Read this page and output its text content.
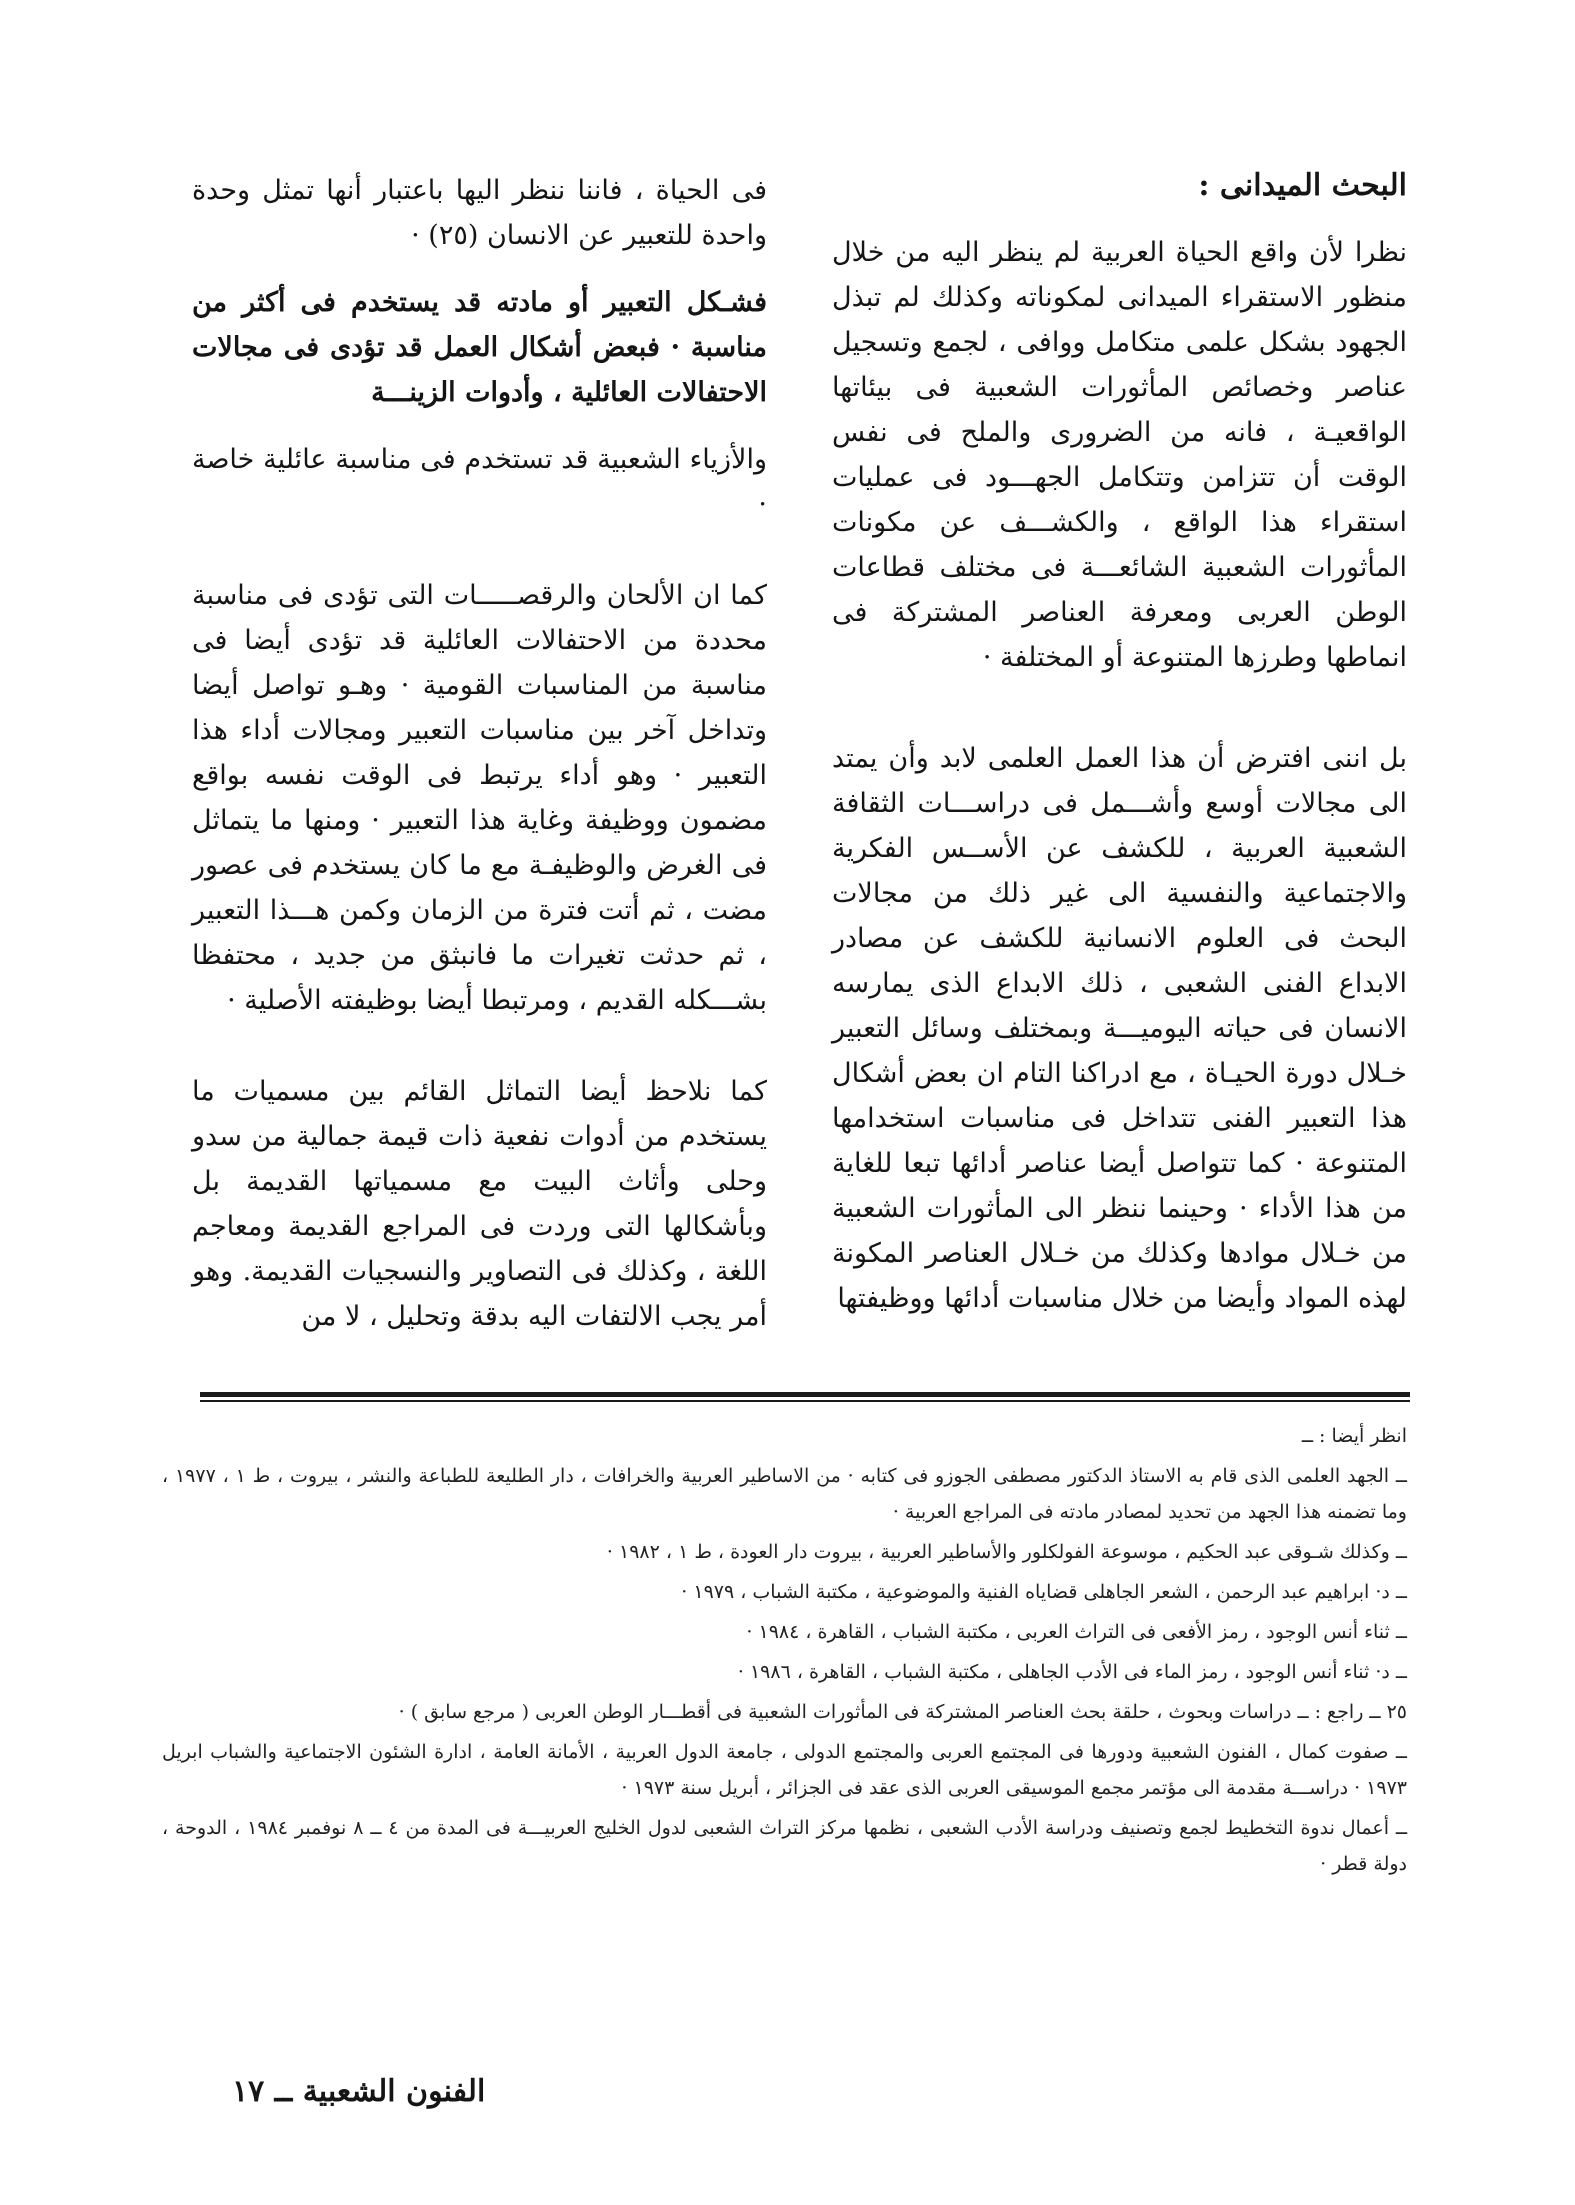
البحث الميدانى :

نظرا لأن واقع الحياة العربية لم ينظر اليه من خلال منظور الاستقراء الميدانى لمكوناته وكذلك لم تبذل الجهود بشكل علمى متكامل ووافى ، لجمع وتسجيل عناصر وخصائص المأثورات الشعبية فى بيئاتها الواقعيـة ، فانه من الضرورى والملح فى نفس الوقت أن تتزامن وتتكامل الجهـــود فى عمليات استقراء هذا الواقع ، والكشـــف عن مكونات المأثورات الشعبية الشائعـــة فى مختلف قطاعات الوطن العربى ومعرفة العناصر المشتركة فى انماطها وطرزها المتنوعة أو المختلفة ·

بل اننى افترض أن هذا العمل العلمى لابد وأن يمتد الى مجالات أوسع وأشـــمل فى دراســـات الثقافة الشعبية العربية ، للكشف عن الأســس الفكرية والاجتماعية والنفسية الى غير ذلك من مجالات البحث فى العلوم الانسانية للكشف عن مصادر الابداع الفنى الشعبى ، ذلك الابداع الذى يمارسه الانسان فى حياته اليوميـــة وبمختلف وسائل التعبير خـلال دورة الحيـاة ، مع ادراكنا التام ان بعض أشكال هذا التعبير الفنى تتداخل فى مناسبات استخدامها المتنوعة · كما تتواصل أيضا عناصر أدائها تبعا للغاية من هذا الأداء · وحينما ننظر الى المأثورات الشعبية من خـلال موادها وكذلك من خـلال العناصر المكونة لهذه المواد وأيضا من خلال مناسبات أدائها ووظيفتها

فى الحياة ، فاننا ننظر اليها باعتبار أنها تمثل وحدة واحدة للتعبير عن الانسان (٢٥) ·

فشـكل التعبير أو مادته قد يستخدم فى أكثر من مناسبة · فبعض أشكال العمل قد تؤدى فى مجالات الاحتفالات العائلية ، وأدوات الزينـــة

والأزياء الشعبية قد تستخدم فى مناسبة عائلية خاصة ·

كما ان الألحان والرقصـــــات التى تؤدى فى مناسبة محددة من الاحتفالات العائلية قد تؤدى أيضا فى مناسبة من المناسبات القومية · وهـو تواصل أيضا وتداخل آخر بين مناسبات التعبير ومجالات أداء هذا التعبير · وهو أداء يرتبط فى الوقت نفسه بواقع مضمون ووظيفة وغاية هذا التعبير · ومنها ما يتماثل فى الغرض والوظيفـة مع ما كان يستخدم فى عصور مضت ، ثم أتت فترة من الزمان وكمن هـــذا التعبير ، ثم حدثت تغيرات ما فانبثق من جديد ، محتفظا بشـــكله القديم ، ومرتبطا أيضا بوظيفته الأصلية ·

كما نلاحظ أيضا التماثل القائم بين مسميات ما يستخدم من أدوات نفعية ذات قيمة جمالية من سدو وحلى وأثاث البيت مع مسمياتها القديمة بل وبأشكالها التى وردت فى المراجع القديمة ومعاجم اللغة ، وكذلك فى التصاوير والنسجيات القديمة. وهو أمر يجب الالتفات اليه بدقة وتحليل ، لا من

انظر أيضا : ــ

ــ الجهد العلمى الذى قام به الاستاذ الدكتور مصطفى الجوزو فى كتابه · من الاساطير العربية والخرافات ، دار الطليعة للطباعة والنشر ، بيروت ، ط ١ ، ١٩٧٧ ، وما تضمنه هذا الجهد من تحديد لمصادر مادته فى المراجع العربية ·

ــ وكذلك شـوقى عبد الحكيم ، موسوعة الفولكلور والأساطير العربية ، بيروت دار العودة ، ط ١ ، ١٩٨٢ ·

ــ د· ابراهيم عبد الرحمن ، الشعر الجاهلى قضاياه الفنية والموضوعية ، مكتبة الشباب ، ١٩٧٩ ·

ــ ثناء أنس الوجود ، رمز الأفعى فى التراث العربى ، مكتبة الشباب ، القاهرة ، ١٩٨٤ ·

ــ د· ثناء أنس الوجود ، رمز الماء فى الأدب الجاهلى ، مكتبة الشباب ، القاهرة ، ١٩٨٦ ·

٢٥ ــ راجع : ــ دراسات وبحوث ، حلقة بحث العناصر المشتركة فى المأثورات الشعبية فى أقطـــار الوطن العربى ( مرجع سابق ) ·

ــ صفوت كمال ، الفنون الشعبية ودورها فى المجتمع العربى والمجتمع الدولى ، جامعة الدول العربية ، الأمانة العامة ، ادارة الشئون الاجتماعية والشباب ابريل ١٩٧٣ · دراســـة مقدمة الى مؤتمر مجمع الموسيقى العربى الذى عقد فى الجزائر ، أبريل سنة ١٩٧٣ ·

ــ أعمال ندوة التخطيط لجمع وتصنيف ودراسة الأدب الشعبى ، نظمها مركز التراث الشعبى لدول الخليج العربيـــة فى المدة من ٤ ــ ٨ نوفمبر ١٩٨٤ ، الدوحة ، دولة قطر ·

الفنون الشعبية ــ ١٧
